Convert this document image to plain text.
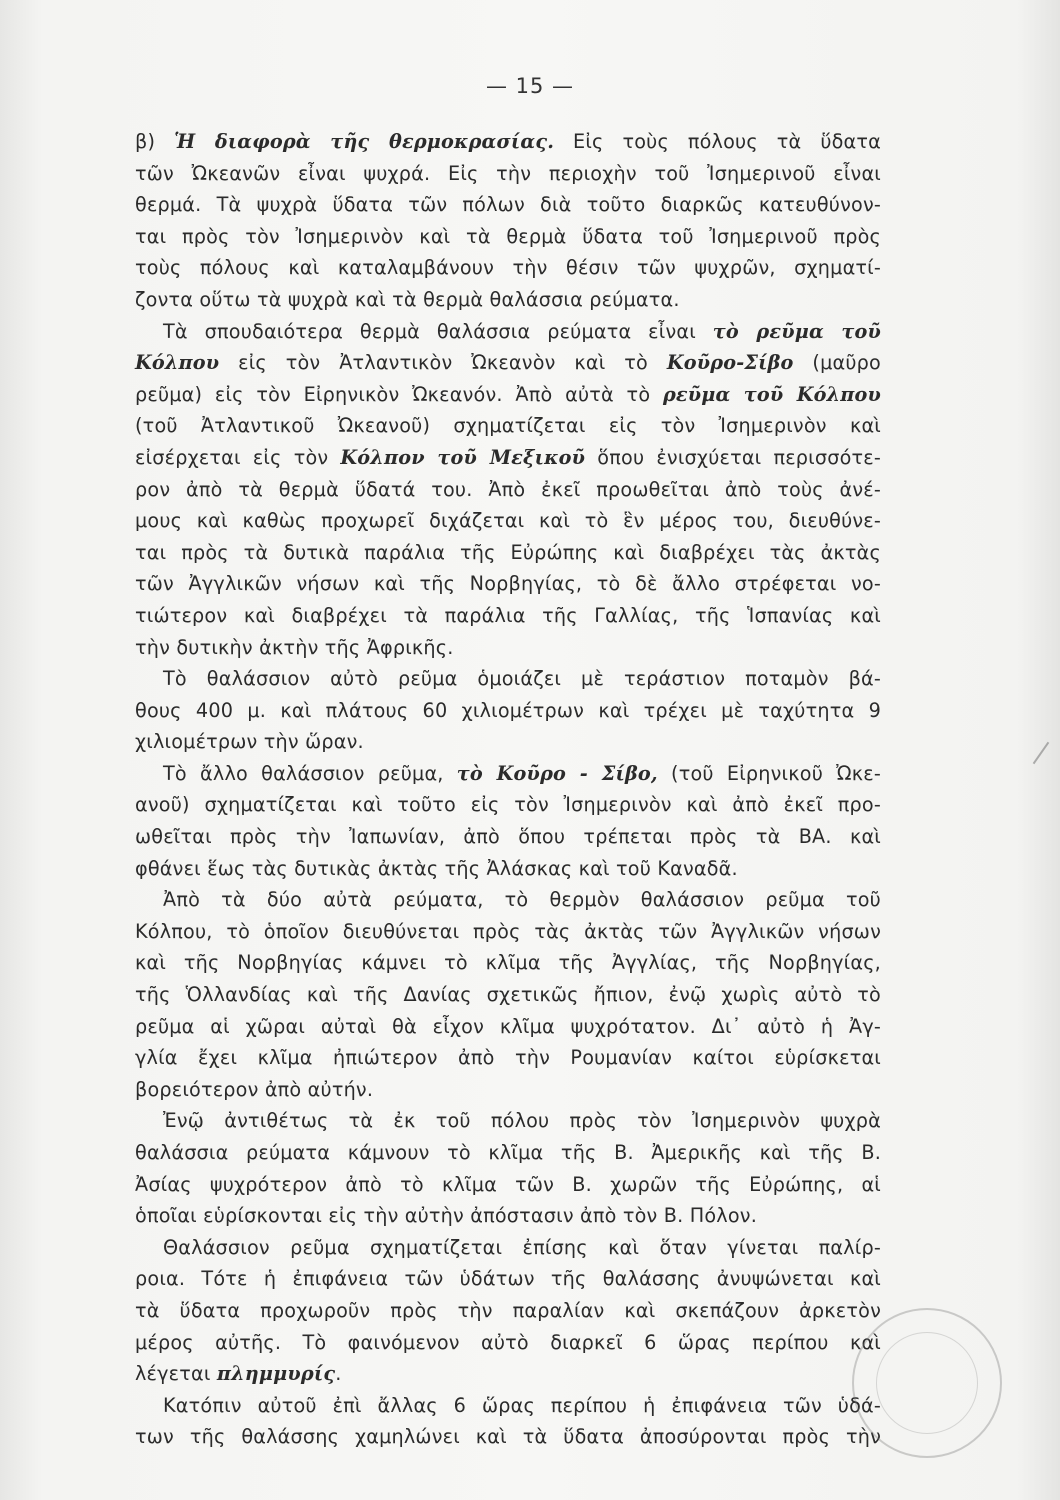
— 15 —
β) Ἡ διαφορὰ τῆς θερμοκρασίας. Εἰς τοὺς πόλους τὰ ὕδατα
τῶν Ὠκεανῶν εἶναι ψυχρά. Εἰς τὴν περιοχὴν τοῦ Ἰσημερινοῦ εἶναι
θερμά. Τὰ ψυχρὰ ὕδατα τῶν πόλων διὰ τοῦτο διαρκῶς κατευθύνον-
ται πρὸς τὸν Ἰσημερινὸν καὶ τὰ θερμὰ ὕδατα τοῦ Ἰσημερινοῦ πρὸς
τοὺς πόλους καὶ καταλαμβάνουν τὴν θέσιν τῶν ψυχρῶν, σχηματί-
ζοντα οὕτω τὰ ψυχρὰ καὶ τὰ θερμὰ θαλάσσια ρεύματα.
Τὰ σπουδαιότερα θερμὰ θαλάσσια ρεύματα εἶναι τὸ ρεῦμα τοῦ
Κόλπου εἰς τὸν Ἀτλαντικὸν Ὠκεανὸν καὶ τὸ Κοῦρο-Σίβο (μαῦρο
ρεῦμα) εἰς τὸν Εἰρηνικὸν Ὠκεανόν. Ἀπὸ αὐτὰ τὸ ρεῦμα τοῦ Κόλπου
(τοῦ Ἀτλαντικοῦ Ὠκεανοῦ) σχηματίζεται εἰς τὸν Ἰσημερινὸν καὶ
εἰσέρχεται εἰς τὸν Κόλπον τοῦ Μεξικοῦ ὅπου ἐνισχύεται περισσότε-
ρον ἀπὸ τὰ θερμὰ ὕδατά του. Ἀπὸ ἐκεῖ προωθεῖται ἀπὸ τοὺς ἀνέ-
μους καὶ καθὼς προχωρεῖ διχάζεται καὶ τὸ ἓν μέρος του, διευθύνε-
ται πρὸς τὰ δυτικὰ παράλια τῆς Εὐρώπης καὶ διαβρέχει τὰς ἀκτὰς
τῶν Ἀγγλικῶν νήσων καὶ τῆς Νορβηγίας, τὸ δὲ ἄλλο στρέφεται νο-
τιώτερον καὶ διαβρέχει τὰ παράλια τῆς Γαλλίας, τῆς Ἱσπανίας καὶ
τὴν δυτικὴν ἀκτὴν τῆς Ἀφρικῆς.
Τὸ θαλάσσιον αὐτὸ ρεῦμα ὁμοιάζει μὲ τεράστιον ποταμὸν βά-
θους 400 μ. καὶ πλάτους 60 χιλιομέτρων καὶ τρέχει μὲ ταχύτητα 9
χιλιομέτρων τὴν ὥραν.
Τὸ ἄλλο θαλάσσιον ρεῦμα, τὸ Κοῦρο - Σίβο, (τοῦ Εἰρηνικοῦ Ὠκε-
ανοῦ) σχηματίζεται καὶ τοῦτο εἰς τὸν Ἰσημερινὸν καὶ ἀπὸ ἐκεῖ προ-
ωθεῖται πρὸς τὴν Ἰαπωνίαν, ἀπὸ ὅπου τρέπεται πρὸς τὰ ΒΑ. καὶ
φθάνει ἕως τὰς δυτικὰς ἀκτὰς τῆς Ἀλάσκας καὶ τοῦ Καναδᾶ.
Ἀπὸ τὰ δύο αὐτὰ ρεύματα, τὸ θερμὸν θαλάσσιον ρεῦμα τοῦ
Κόλπου, τὸ ὁποῖον διευθύνεται πρὸς τὰς ἀκτὰς τῶν Ἀγγλικῶν νήσων
καὶ τῆς Νορβηγίας κάμνει τὸ κλῖμα τῆς Ἀγγλίας, τῆς Νορβηγίας,
τῆς Ὁλλανδίας καὶ τῆς Δανίας σχετικῶς ἤπιον, ἐνῷ χωρὶς αὐτὸ τὸ
ρεῦμα αἱ χῶραι αὐταὶ θὰ εἶχον κλῖμα ψυχρότατον. Δι᾽ αὐτὸ ἡ Ἀγ-
γλία ἔχει κλῖμα ἠπιώτερον ἀπὸ τὴν Ρουμανίαν καίτοι εὑρίσκεται
βορειότερον ἀπὸ αὐτήν.
Ἐνῷ ἀντιθέτως τὰ ἐκ τοῦ πόλου πρὸς τὸν Ἰσημερινὸν ψυχρὰ
θαλάσσια ρεύματα κάμνουν τὸ κλῖμα τῆς Β. Ἀμερικῆς καὶ τῆς Β.
Ἀσίας ψυχρότερον ἀπὸ τὸ κλῖμα τῶν Β. χωρῶν τῆς Εὐρώπης, αἱ
ὁποῖαι εὑρίσκονται εἰς τὴν αὐτὴν ἀπόστασιν ἀπὸ τὸν Β. Πόλον.
Θαλάσσιον ρεῦμα σχηματίζεται ἐπίσης καὶ ὅταν γίνεται παλίρ-
ροια. Τότε ἡ ἐπιφάνεια τῶν ὑδάτων τῆς θαλάσσης ἀνυψώνεται καὶ
τὰ ὕδατα προχωροῦν πρὸς τὴν παραλίαν καὶ σκεπάζουν ἀρκετὸν
μέρος αὐτῆς. Τὸ φαινόμενον αὐτὸ διαρκεῖ 6 ὥρας περίπου καὶ
λέγεται πλημμυρίς.
Κατόπιν αὐτοῦ ἐπὶ ἄλλας 6 ὥρας περίπου ἡ ἐπιφάνεια τῶν ὑδά-
των τῆς θαλάσσης χαμηλώνει καὶ τὰ ὕδατα ἀποσύρονται πρὸς τὴν
